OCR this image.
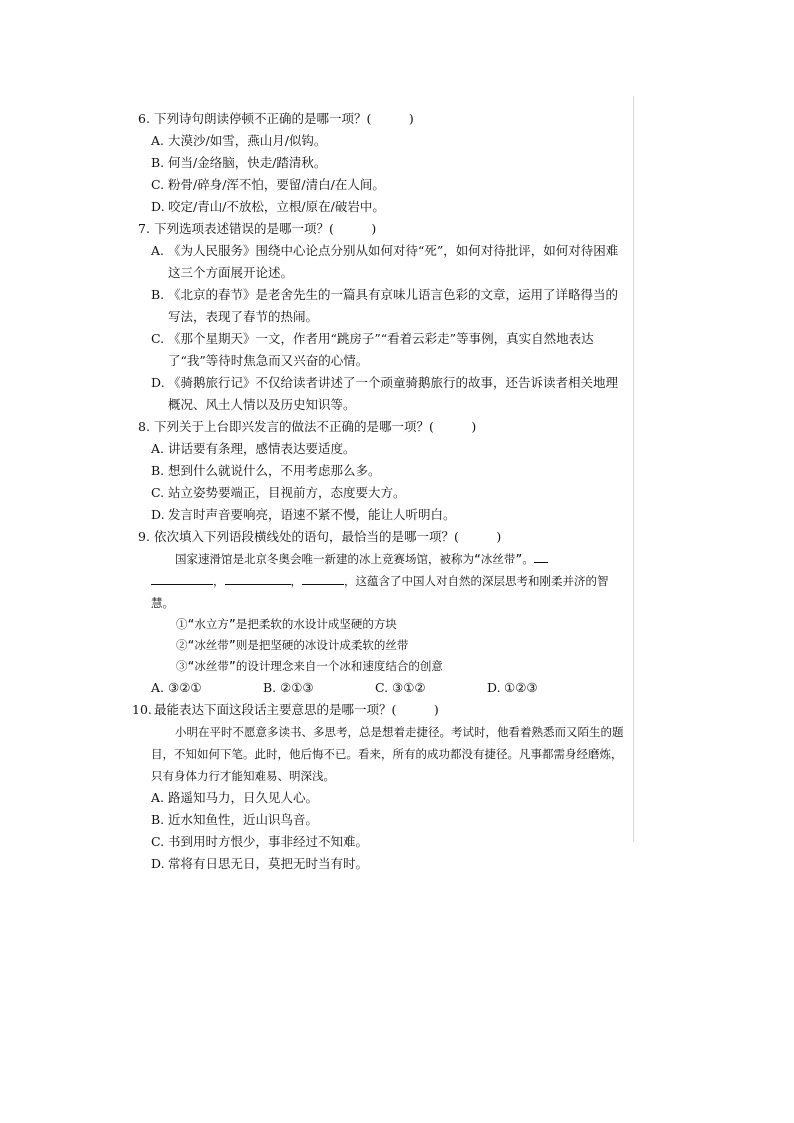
6. 下列诗句朗读停顿不正确的是哪一项？(　　　)
A. 大漠沙/如雪，燕山月/似钩。
B. 何当/金络脑，快走/踏清秋。
C. 粉骨/碎身/浑不怕，要留/清白/在人间。
D. 咬定/青山/不放松，立根/原在/破岩中。
7. 下列选项表述错误的是哪一项？(　　　)
A. 《为人民服务》围绕中心论点分别从如何对待“死”，如何对待批评，如何对待困难这三个方面展开论述。
B. 《北京的春节》是老舍先生的一篇具有京味儿语言色彩的文章，运用了详略得当的写法，表现了春节的热闹。
C. 《那个星期天》一文，作者用“跳房子”“看着云彩走”等事例，真实自然地表达了“我”等待时焦急而又兴奋的心情。
D. 《骑鹅旅行记》不仅给读者讲述了一个顽童骑鹅旅行的故事，还告诉读者相关地理概况、风土人情以及历史知识等。
8. 下列关于上台即兴发言的做法不正确的是哪一项？(　　　)
A. 讲话要有条理，感情表达要适度。
B. 想到什么就说什么，不用考虑那么多。
C. 站立姿势要端正，目视前方，态度要大方。
D. 发言时声音要响亮，语速不紧不慢，能让人听明白。
9. 依次填入下列语段横线处的语句，最恰当的是哪一项？(　　　)
国家速滑馆是北京冬奥会唯一新建的冰上竞赛场馆，被称为“冰丝带”。
，	，	，这蕴含了中国人对自然的深层思考和刚柔并济的智慧。
①“水立方”是把柔软的水设计成坚硬的方块
②“冰丝带”则是把坚硬的冰设计成柔软的丝带
③“冰丝带”的设计理念来自一个冰和速度结合的创意
A. ③②①	B. ②①③	C. ③①②	D. ①②③
10. 最能表达下面这段话主要意思的是哪一项？(　　　)
小明在平时不愿意多读书、多思考，总是想着走捷径。考试时，他看着熟悉而又陌生的题目，不知如何下笔。此时，他后悔不已。看来，所有的成功都没有捷径。凡事都需身经磨炼，只有身体力行才能知难易、明深浅。
A. 路遥知马力，日久见人心。
B. 近水知鱼性，近山识鸟音。
C. 书到用时方恨少，事非经过不知难。
D. 常将有日思无日，莫把无时当有时。
